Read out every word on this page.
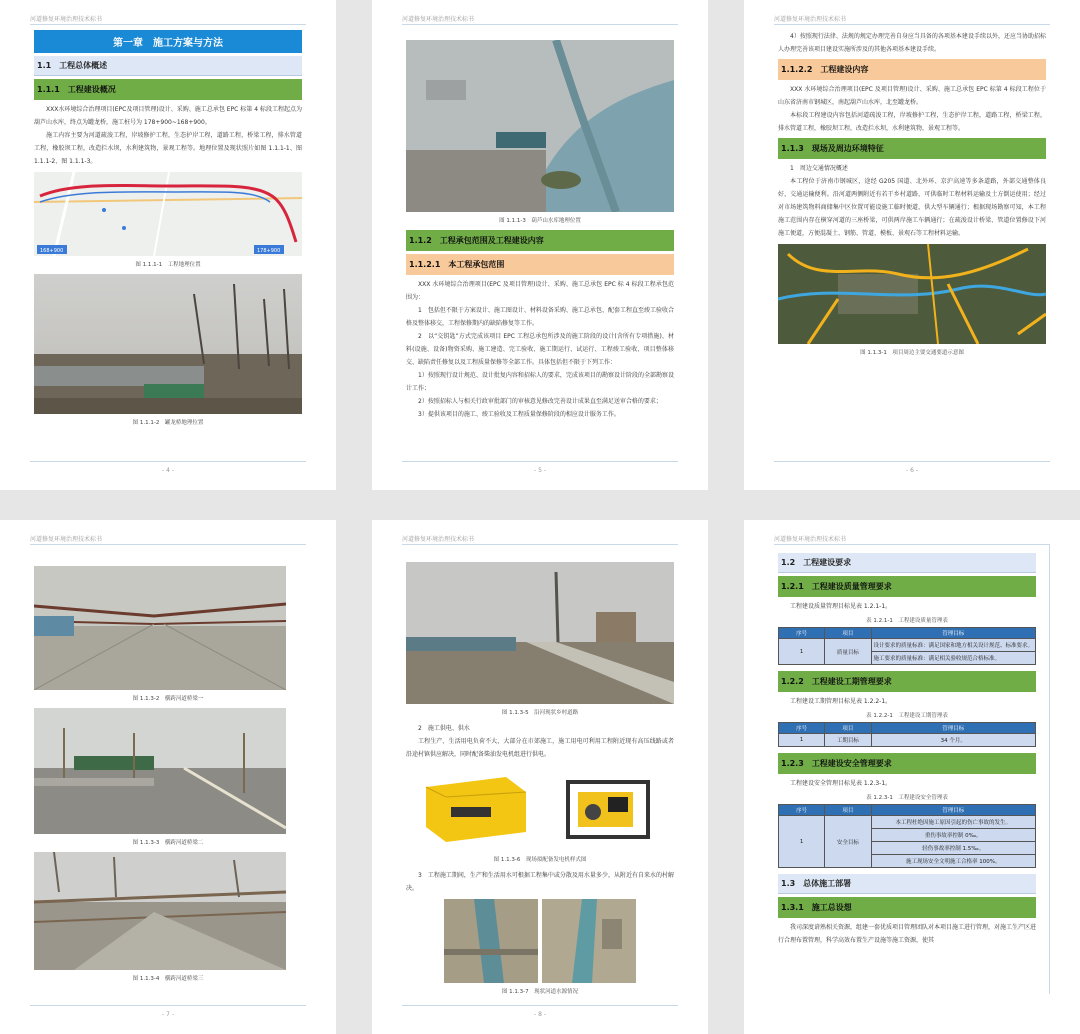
河道修复环境治理技术标书
第一章　施工方案与方法
1.1　工程总体概述
1.1.1　工程建设概况
XXX水环境综合治理项目(EPC及项目管理)设计、采购、施工总承包 EPC 标第 4 标段工程起点为葫芦山水库，终点为罐龙桥，施工桩号为 178+900~168+900。
施工内容主要为河道疏浚工程，岸坡修护工程，生态护岸工程，道路工程，桥梁工程，排水管道工程，橡胶坝工程，改造拦水坝，水利建筑物，景观工程等。地理位置及现状照片如图 1.1.1-1、图 1.1.1-2、图 1.1.1-3。
168+900	178+900
图 1.1.1-1　工程地理位置
图 1.1.1-2　罐龙桥地理位置
- 4 -
河道修复环境治理技术标书
图 1.1.1-3　葫芦山水库地理位置
1.1.2　工程承包范围及工程建设内容
1.1.2.1　本工程承包范围
XXX 水环境综合治理项目(EPC 及项目管理)设计、采购、施工总承包 EPC 标 4 标段工程承包范围为：
1　包括但不限于方案设计、施工图设计、材料设备采购、施工总承包、配套工程直至竣工验收合格及整体移交，工程保修期内的缺陷修复等工作。
2　以“交钥匙”方式完成该项目 EPC 工程总承包所涉及的施工阶段的设计(含所有专项措施)、材料(设施、设备)物资采购、施工建造、完工验收、施工期运行、试运行、工程竣工验收、项目整体移交、缺陷责任修复以及工程质量保修等全部工作。具体包括但不限于下列工作：
1）按照现行设计规范、设计批复内容和招标人的要求，完成该项目的勘察设计阶段的全部勘察设计工作；
2）按照招标人与相关行政审批部门的审核意见修改完善设计成果直至满足送审合格的要求；
3）提供该项目的施工、竣工验收及工程质量保修阶段的相应设计服务工作。
- 5 -
河道修复环境治理技术标书
4）按照现行法律、法规的规定办理完善自身应当具备的各项基本建设手续以外，还应当协助招标人办理完善该项目建设实施所涉及的其他各项基本建设手续。
1.1.2.2　工程建设内容
XXX 水环境综合治理项目(EPC 及项目管理)设计、采购、施工总承包 EPC 标第 4 标段工程位于山东省济南市钢城区，南起葫芦山水库，北至罐龙桥。
本标段工程建设内容包括河道疏浚工程，岸坡修护工程，生态护岸工程，道路工程，桥梁工程，排水管道工程，橡胶坝工程，改造拦水坝，水利建筑物，景观工程等。
1.1.3　现场及周边环境特征
1　周边交通情况概述
本工程位于济南市钢城区，途经 G205 国道、北外环、京沪高速等多条道路，外部交通整体良好，交通运输便利。沿河道两侧附近有若干乡村道路，可供临时工程材料运输及土方倒运使用；经过对市场建筑物料商储集中区位置可能设施工临时便道，供大型车辆通行；根据现场勘察可知，本工程施工范围内存在横穿河道的三座桥梁，可供两岸施工车辆通行；在疏浚设计桥梁、管道位置修设下河施工便道，方便混凝土、钢筋、管道、模板、景观石等工程材料运输。
图 1.1.3-1　项目周边主要交通要道示意图
- 6 -
河道修复环境治理技术标书
图 1.1.3-2　横跨河道桥梁一
图 1.1.3-3　横跨河道桥梁二
图 1.1.3-4　横跨河道桥梁三
- 7 -
河道修复环境治理技术标书
图 1.1.3-5　沿河现状乡村道路
2　施工供电、供水
工程生产、生活用电负荷不大，大部分在市郊施工，施工用电可利用工程附近现有高压线路或者沿途村镇供应解决，同时配备柴油发电机组进行供电。
图 1.1.3-6　现场拟配备发电机样式图
3　工程施工期间，生产和生活用水可根据工程集中或分散及用水量多少，从附近有自来水的村解决。
图 1.1.3-7　现状河道水源情况
- 8 -
河道修复环境治理技术标书
1.2　工程建设要求
1.2.1　工程建设质量管理要求
工程建设质量管理目标见表 1.2.1-1。
表 1.2.1-1　工程建设质量管理表
序号	项目	管理目标
1	质量目标	设计要求的质量标准：满足国家和地方相关设计规范、标准要求。
		施工要求的质量标准：满足相关验收规范合格标准。
1.2.2　工程建设工期管理要求
工程建设工期管理目标见表 1.2.2-1。
表 1.2.2-1　工程建设工期管理表
序号	项目	管理目标
1	工期目标	34 个月。
1.2.3　工程建设安全管理要求
工程建设安全管理目标见表 1.2.3-1。
表 1.2.3-1　工程建设安全管理表
序号	项目	管理目标
1	安全目标	本工程杜绝因施工原因引起的伤亡事故的发生。
		重伤事故率控制 0‰。
		轻伤事故率控制 1.5‰。
		施工现场安全文明施工合格率 100%。
1.3　总体施工部署
1.3.1　施工总设想
我司深度谙熟相关资源，组建一套优质项目管理团队对本项目施工进行管理，对施工生产区进行合理布置管理，科学高效布置生产设施等施工资源，使其
